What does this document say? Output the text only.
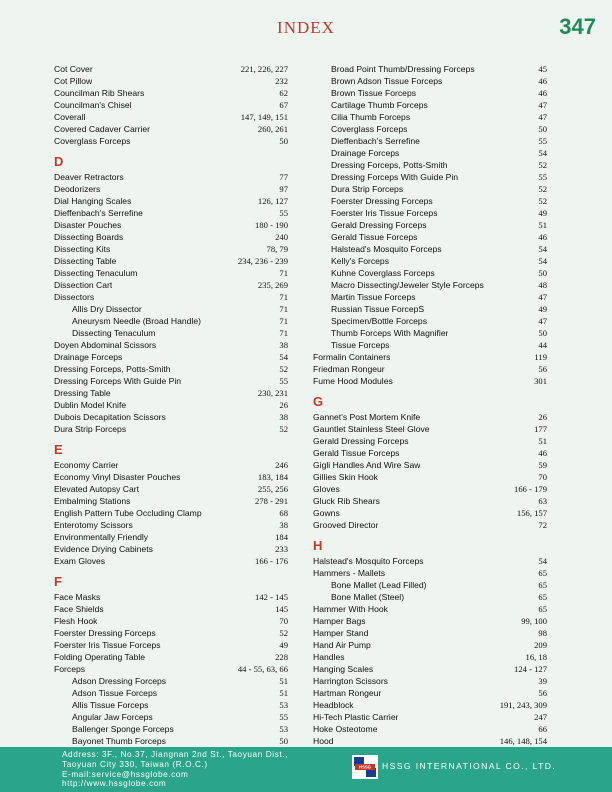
INDEX	347
Cot Cover	221, 226, 227
Cot Pillow	232
Councilman Rib Shears	62
Councilman's Chisel	67
Coverall	147, 149, 151
Covered Cadaver Carrier	260, 261
Coverglass Forceps	50
D
Deaver Retractors	77
Deodorizers	97
Dial Hanging Scales	126, 127
Dieffenbach's Serrefine	55
Disaster Pouches	180 - 190
Dissecting Boards	240
Dissecting Kits	78, 79
Dissecting Table	234, 236 - 239
Dissecting Tenaculum	71
Dissection Cart	235, 269
Dissectors	71
Allis Dry Dissector	71
Aneurysm Needle (Broad Handle)	71
Dissecting Tenaculum	71
Doyen Abdominal Scissors	38
Drainage Forceps	54
Dressing Forceps, Potts-Smith	52
Dressing Forceps With Guide Pin	55
Dressing Table	230, 231
Dublin Model Knife	26
Dubois Decapitation Scissors	38
Dura Strip Forceps	52
E
Economy Carrier	246
Economy Vinyl Disaster Pouches	183, 184
Elevated Autopsy Cart	255, 256
Embalming Stations	278 - 291
English Pattern Tube Occluding Clamp	68
Enterotomy Scissors	38
Environmentally Friendly	184
Evidence Drying Cabinets	233
Exam Gloves	166 - 176
F
Face Masks	142 - 145
Face Shields	145
Flesh Hook	70
Foerster Dressing Forceps	52
Foerster Iris Tissue Forceps	49
Folding Operating Table	228
Forceps	44 - 55, 63, 66
Adson Dressing Forceps	51
Adson Tissue Forceps	51
Allis Tissue Forceps	53
Angular Jaw Forceps	55
Ballenger Sponge Forceps	53
Bayonet Thumb Forceps	50
Broad Point Thumb/Dressing Forceps	45
Brown Adson Tissue Forceps	46
Brown Tissue Forceps	46
Cartilage Thumb Forceps	47
Cilia Thumb Forceps	47
Coverglass Forceps	50
Dieffenbach's Serrefine	55
Drainage Forceps	54
Dressing Forceps, Potts-Smith	52
Dressing Forceps With Guide Pin	55
Dura Strip Forceps	52
Foerster Dressing Forceps	52
Foerster Iris Tissue Forceps	49
Gerald Dressing Forceps	51
Gerald Tissue Forceps	46
Halstead's Mosquito Forceps	54
Kelly's Forceps	54
Kuhne Coverglass Forceps	50
Macro Dissecting/Jeweler Style Forceps	48
Martin Tissue Forceps	47
Russian Tissue ForcepS	49
Specimen/Bottle Forceps	47
Thumb Forceps With Magnifier	50
Tissue Forceps	44
Formalin Containers	119
Friedman Rongeur	56
Fume Hood Modules	301
G
Gannet's Post Mortem Knife	26
Gauntlet Stainless Steel Glove	177
Gerald Dressing Forceps	51
Gerald Tissue Forceps	46
Gigli Handles And Wire Saw	59
Gillies Skin Hook	70
Gloves	166 - 179
Gluck Rib Shears	63
Gowns	156, 157
Grooved Director	72
H
Halstead's Mosquito Forceps	54
Hammers - Mallets	65
Bone Mallet (Lead Filled)	65
Bone Mallet (Steel)	65
Hammer With Hook	65
Hamper Bags	99, 100
Hamper Stand	98
Hand Air Pump	209
Handles	16, 18
Hanging Scales	124 - 127
Harrington Scissors	39
Hartman Rongeur	56
Headblock	191, 243, 309
Hi-Tech Plastic Carrier	247
Hoke Osteotome	66
Hood	146, 148, 154
Address: 3F., No.37, Jiangnan 2nd St., Taoyuan Dist.,
Taoyuan City 330, Taiwan (R.O.C.)
E-mail:service@hssglobe.com
http://www.hssglobe.com
HSSG HSSG INTERNATIONAL CO., LTD.
